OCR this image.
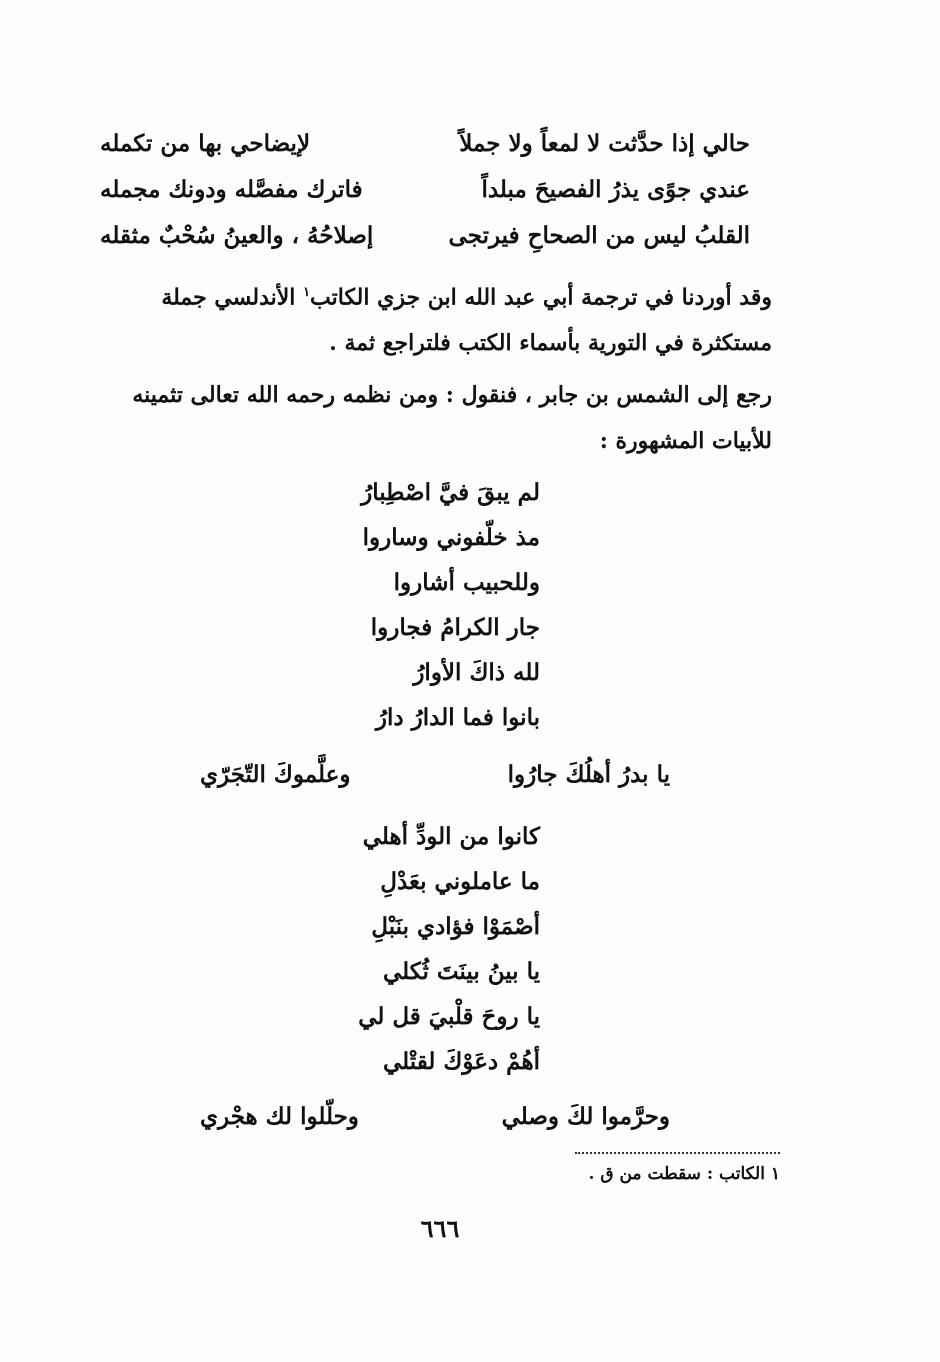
حالي إذا حدَّثت لا لمعاً ولا جملاً
لإيضاحي بها من تكمله
عندي جوًى يذرُ الفصيحَ مبلداً
فاترك مفصَّله ودونك مجمله
القلبُ ليس من الصحاحِ فيرتجى
إصلاحُهُ ، والعينُ سُحْبٌ مثقله
وقد أوردنا في ترجمة أبي عبد الله ابن جزي الكاتب$^١$ الأندلسي جملة
مستكثرة في التورية بأسماء الكتب فلتراجع ثمة .
رجع إلى الشمس بن جابر ، فنقول : ومن نظمه رحمه الله تعالى تثمينه
للأبيات المشهورة :
لم يبقَ فيَّ اصْطِبارُ
مذ خلّفوني وساروا
وللحبيب أشاروا
جار الكرامُ فجاروا
لله ذاكَ الأوارُ
بانوا فما الدارُ دارُ
يا بدرُ أهلُكَ جارُوا
وعلَّموكَ التّجَرّي
كانوا من الودِّ أهلي
ما عاملوني بعَدْلِ
أصْمَوْا فؤادي بنَبْلِ
يا بينُ بينَتَ ثُكلي
يا روحَ قلْبيَ قل لي
أهُمْ دعَوْكَ لقتْلي
وحرَّموا لكَ وصلي
وحلّلوا لك هجْري
١ الكاتب : سقطت من ق .
٦٦٦
